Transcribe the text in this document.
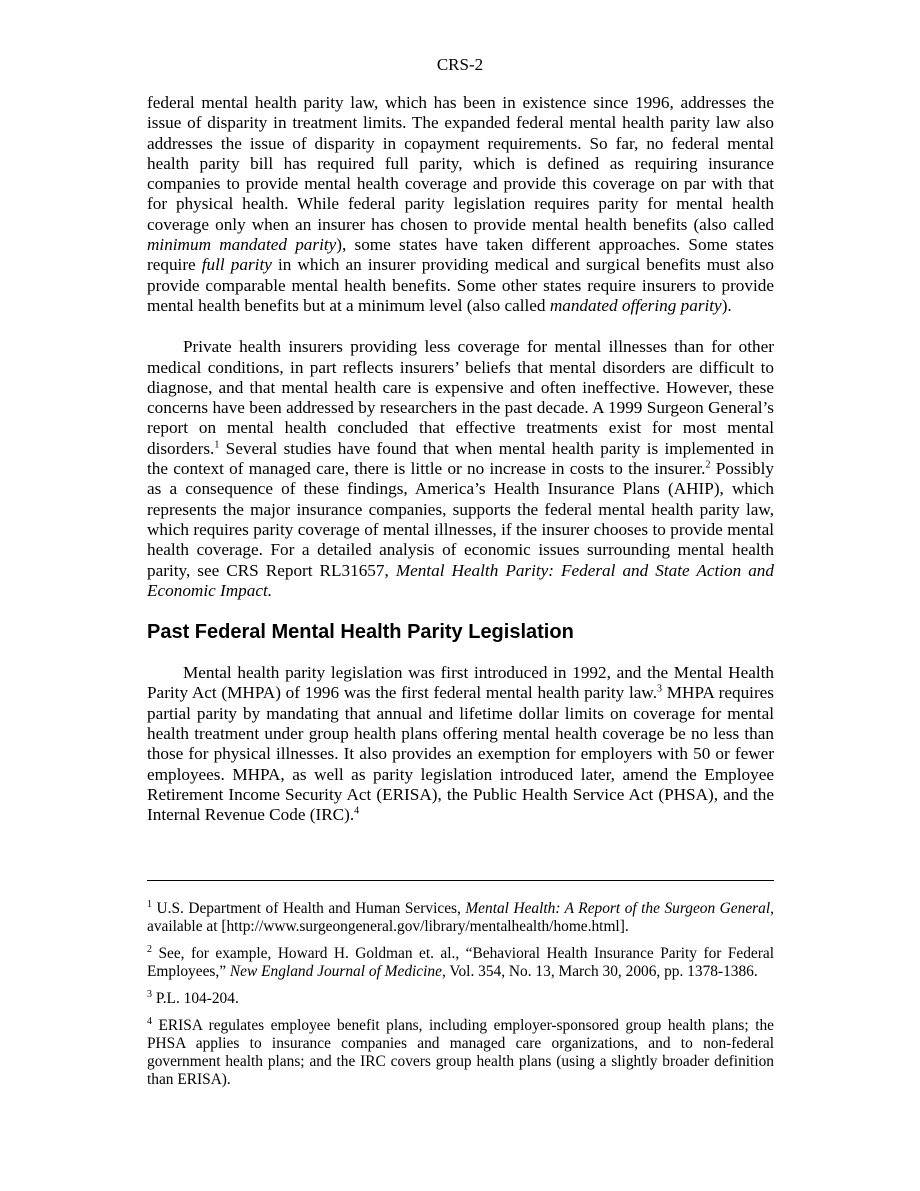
CRS-2

federal mental health parity law, which has been in existence since 1996, addresses the issue of disparity in treatment limits. The expanded federal mental health parity law also addresses the issue of disparity in copayment requirements. So far, no federal mental health parity bill has required full parity, which is defined as requiring insurance companies to provide mental health coverage and provide this coverage on par with that for physical health. While federal parity legislation requires parity for mental health coverage only when an insurer has chosen to provide mental health benefits (also called minimum mandated parity), some states have taken different approaches. Some states require full parity in which an insurer providing medical and surgical benefits must also provide comparable mental health benefits. Some other states require insurers to provide mental health benefits but at a minimum level (also called mandated offering parity).

Private health insurers providing less coverage for mental illnesses than for other medical conditions, in part reflects insurers’ beliefs that mental disorders are difficult to diagnose, and that mental health care is expensive and often ineffective. However, these concerns have been addressed by researchers in the past decade. A 1999 Surgeon General’s report on mental health concluded that effective treatments exist for most mental disorders.$^1$ Several studies have found that when mental health parity is implemented in the context of managed care, there is little or no increase in costs to the insurer.$^2$ Possibly as a consequence of these findings, America’s Health Insurance Plans (AHIP), which represents the major insurance companies, supports the federal mental health parity law, which requires parity coverage of mental illnesses, if the insurer chooses to provide mental health coverage. For a detailed analysis of economic issues surrounding mental health parity, see CRS Report RL31657, Mental Health Parity: Federal and State Action and Economic Impact.

Past Federal Mental Health Parity Legislation

Mental health parity legislation was first introduced in 1992, and the Mental Health Parity Act (MHPA) of 1996 was the first federal mental health parity law.$^3$ MHPA requires partial parity by mandating that annual and lifetime dollar limits on coverage for mental health treatment under group health plans offering mental health coverage be no less than those for physical illnesses. It also provides an exemption for employers with 50 or fewer employees. MHPA, as well as parity legislation introduced later, amend the Employee Retirement Income Security Act (ERISA), the Public Health Service Act (PHSA), and the Internal Revenue Code (IRC).$^4$

$^1$ U.S. Department of Health and Human Services, Mental Health: A Report of the Surgeon General, available at [http://www.surgeongeneral.gov/library/mentalhealth/home.html].

$^2$ See, for example, Howard H. Goldman et. al., “Behavioral Health Insurance Parity for Federal Employees,” New England Journal of Medicine, Vol. 354, No. 13, March 30, 2006, pp. 1378-1386.

$^3$ P.L. 104-204.

$^4$ ERISA regulates employee benefit plans, including employer-sponsored group health plans; the PHSA applies to insurance companies and managed care organizations, and to non-federal government health plans; and the IRC covers group health plans (using a slightly broader definition than ERISA).
